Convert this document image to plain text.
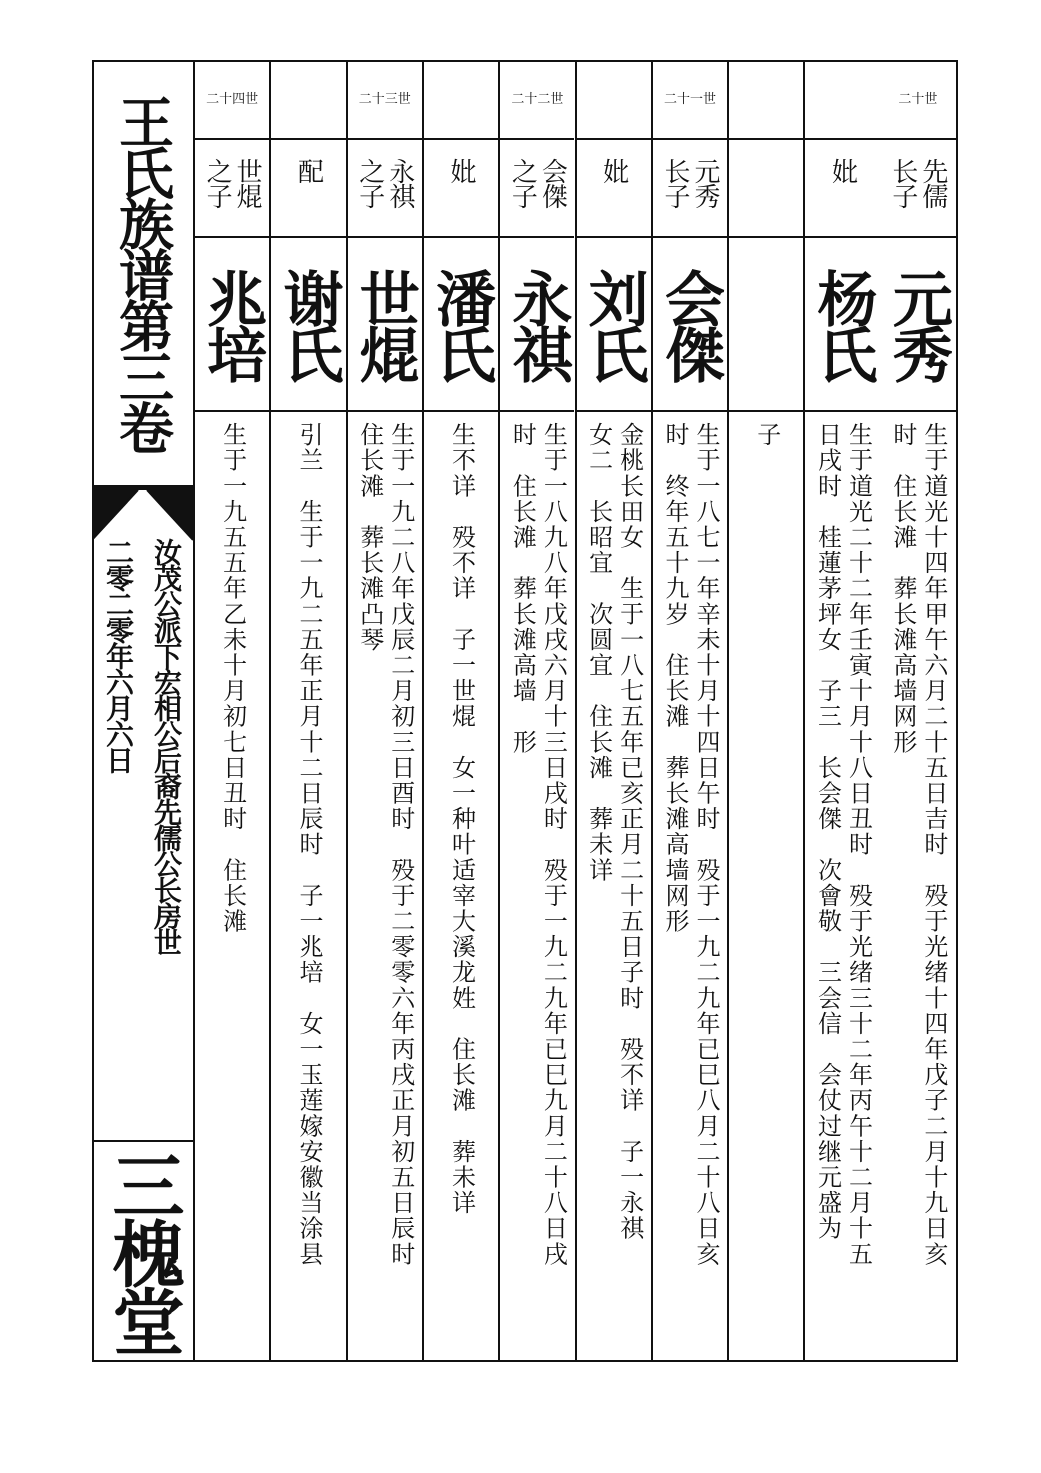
王氏族谱第三卷
汝茂公派下宏相公后裔先儒公长房世
二零二零年六月六日
三槐堂
二十世
先儒
长子
元秀
生于道光十四年甲午六月二十五日吉时　殁于光绪十四年戊子二月十九日亥
时　住长滩　葬长滩高墙网形
妣
杨氏
生于道光二十二年壬寅十月十八日丑时　殁于光绪三十二年丙午十二月十五
日戌时　桂蓮茅坪女　子三　长会傑　次會敬　三会信　会仗过继元盛为
子
二十一世
元秀
长子
会傑
生于一八七一年辛未十月十四日午时　殁于一九二九年已巳八月二十八日亥
时　终年五十九岁　住长滩　葬长滩高墙网形
妣
刘氏
金桃长田女　生于一八七五年已亥正月二十五日子时　殁不详　子一永祺
女二　长昭宜　次圆宜　住长滩　葬未详
二十二世
会傑
之子
永祺
生于一八九八年戊戌六月十三日戌时　殁于一九二九年已巳九月二十八日戌
时　住长滩　葬长滩高墙　形
妣
潘氏
生不详　殁不详　子一世焜　女一种叶适宰大溪龙姓　住长滩　葬未详
二十三世
永祺
之子
世焜
生于一九二八年戊辰二月初三日酉时　殁于二零零六年丙戌正月初五日辰时
住长滩　葬长滩凸琴
配
谢氏
引兰　生于一九二五年正月十二日辰时　子一兆培　女一玉莲嫁安徽当涂县
二十四世
世焜
之子
兆培
生于一九五五年乙未十月初七日丑时　住长滩
